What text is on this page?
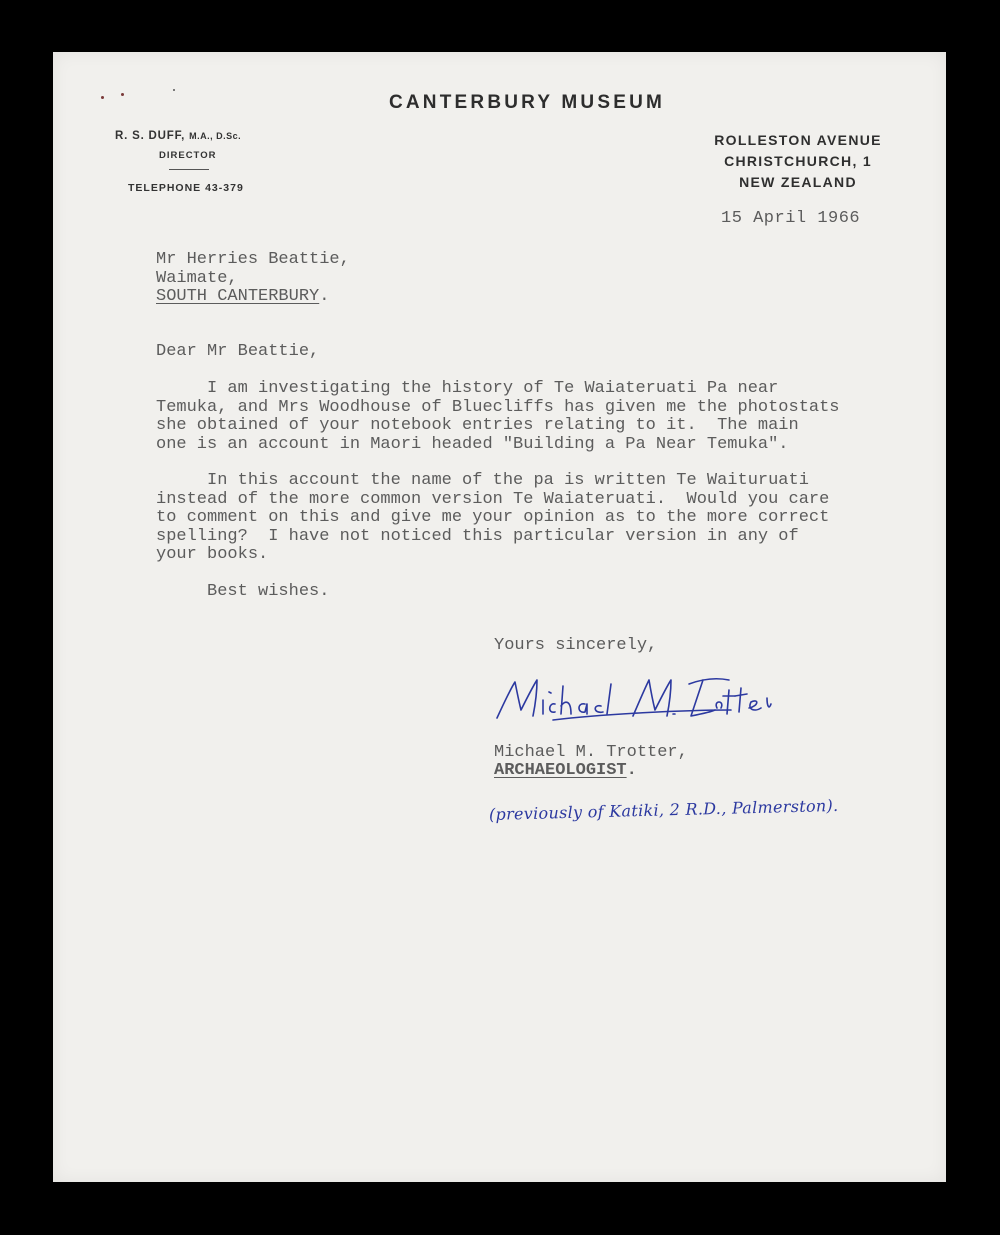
CANTERBURY MUSEUM
R. S. DUFF, M.A., D.Sc.
DIRECTOR
TELEPHONE 43-379
ROLLESTON AVENUE
CHRISTCHURCH, 1
NEW ZEALAND
15 April 1966
Mr Herries Beattie,
Waimate,
SOUTH CANTERBURY.
Dear Mr Beattie,
I am investigating the history of Te Waiateruati Pa near
Temuka, and Mrs Woodhouse of Bluecliffs has given me the photostats
she obtained of your notebook entries relating to it.  The main
one is an account in Maori headed "Building a Pa Near Temuka".
In this account the name of the pa is written Te Waituruati
instead of the more common version Te Waiateruati.  Would you care
to comment on this and give me your opinion as to the more correct
spelling?  I have not noticed this particular version in any of
your books.
Best wishes.
Yours sincerely,
Michael M. Trotter,
ARCHAEOLOGIST.
(previously of Katiki, 2 R.D., Palmerston).
